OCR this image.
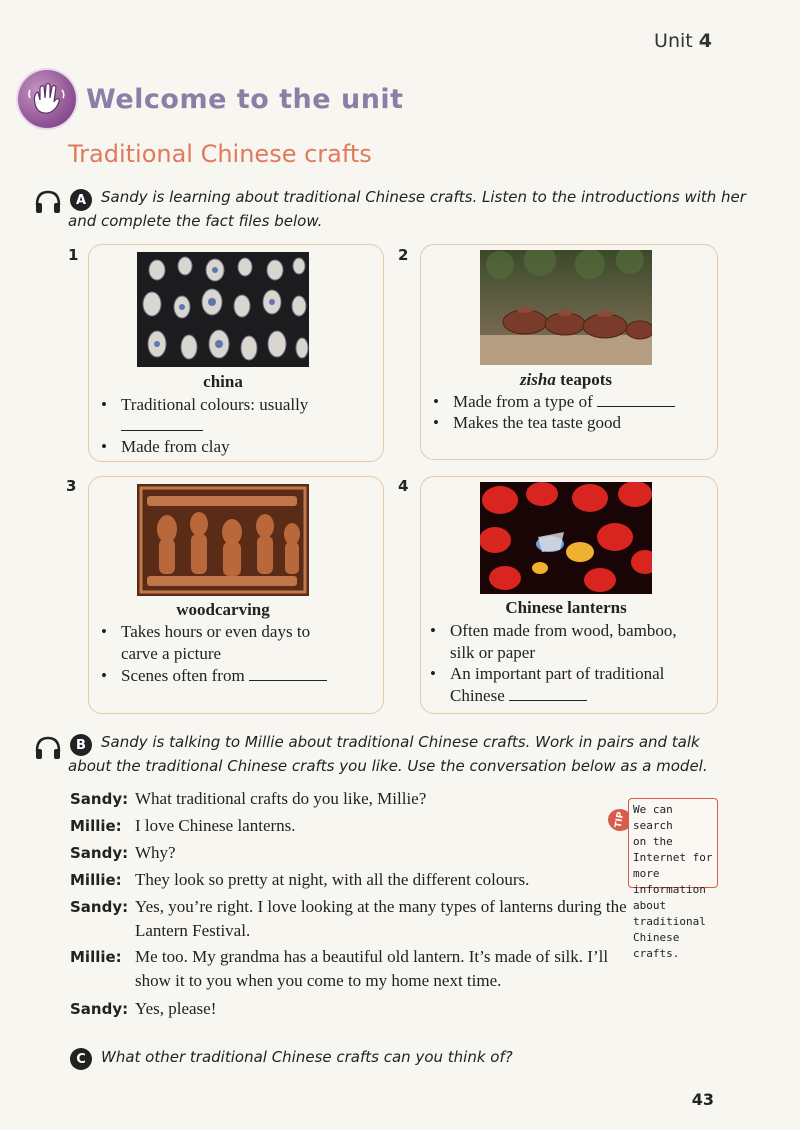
Unit 4
Welcome to the unit
Traditional Chinese crafts
A Sandy is learning about traditional Chinese crafts. Listen to the introductions with her
and complete the fact files below.
1
china
• Traditional colours: usually
• Made from clay
2
zisha teapots
• Made from a type of
• Makes the tea taste good
3
woodcarving
• Takes hours or even days to
carve a picture
• Scenes often from
4
Chinese lanterns
• Often made from wood, bamboo,
silk or paper
• An important part of traditional
Chinese
B	Sandy is talking to Millie about traditional Chinese crafts. Work in pairs and talk
about the traditional Chinese crafts you like. Use the conversation below as a model.
Sandy: What traditional crafts do you like, Millie?
Millie: I love Chinese lanterns.
Sandy: Why?
Millie: They look so pretty at night, with all the different colours.
Sandy: Yes, you’re right. I love looking at the many types of lanterns during the
Lantern Festival.
Millie: Me too. My grandma has a beautiful old lantern. It’s made of silk. I’ll
show it to you when you come to my home next time.
Sandy: Yes, please!
TIP
We can search
on the Internet for
more information
about traditional
Chinese crafts.
C	What other traditional Chinese crafts can you think of?
43
